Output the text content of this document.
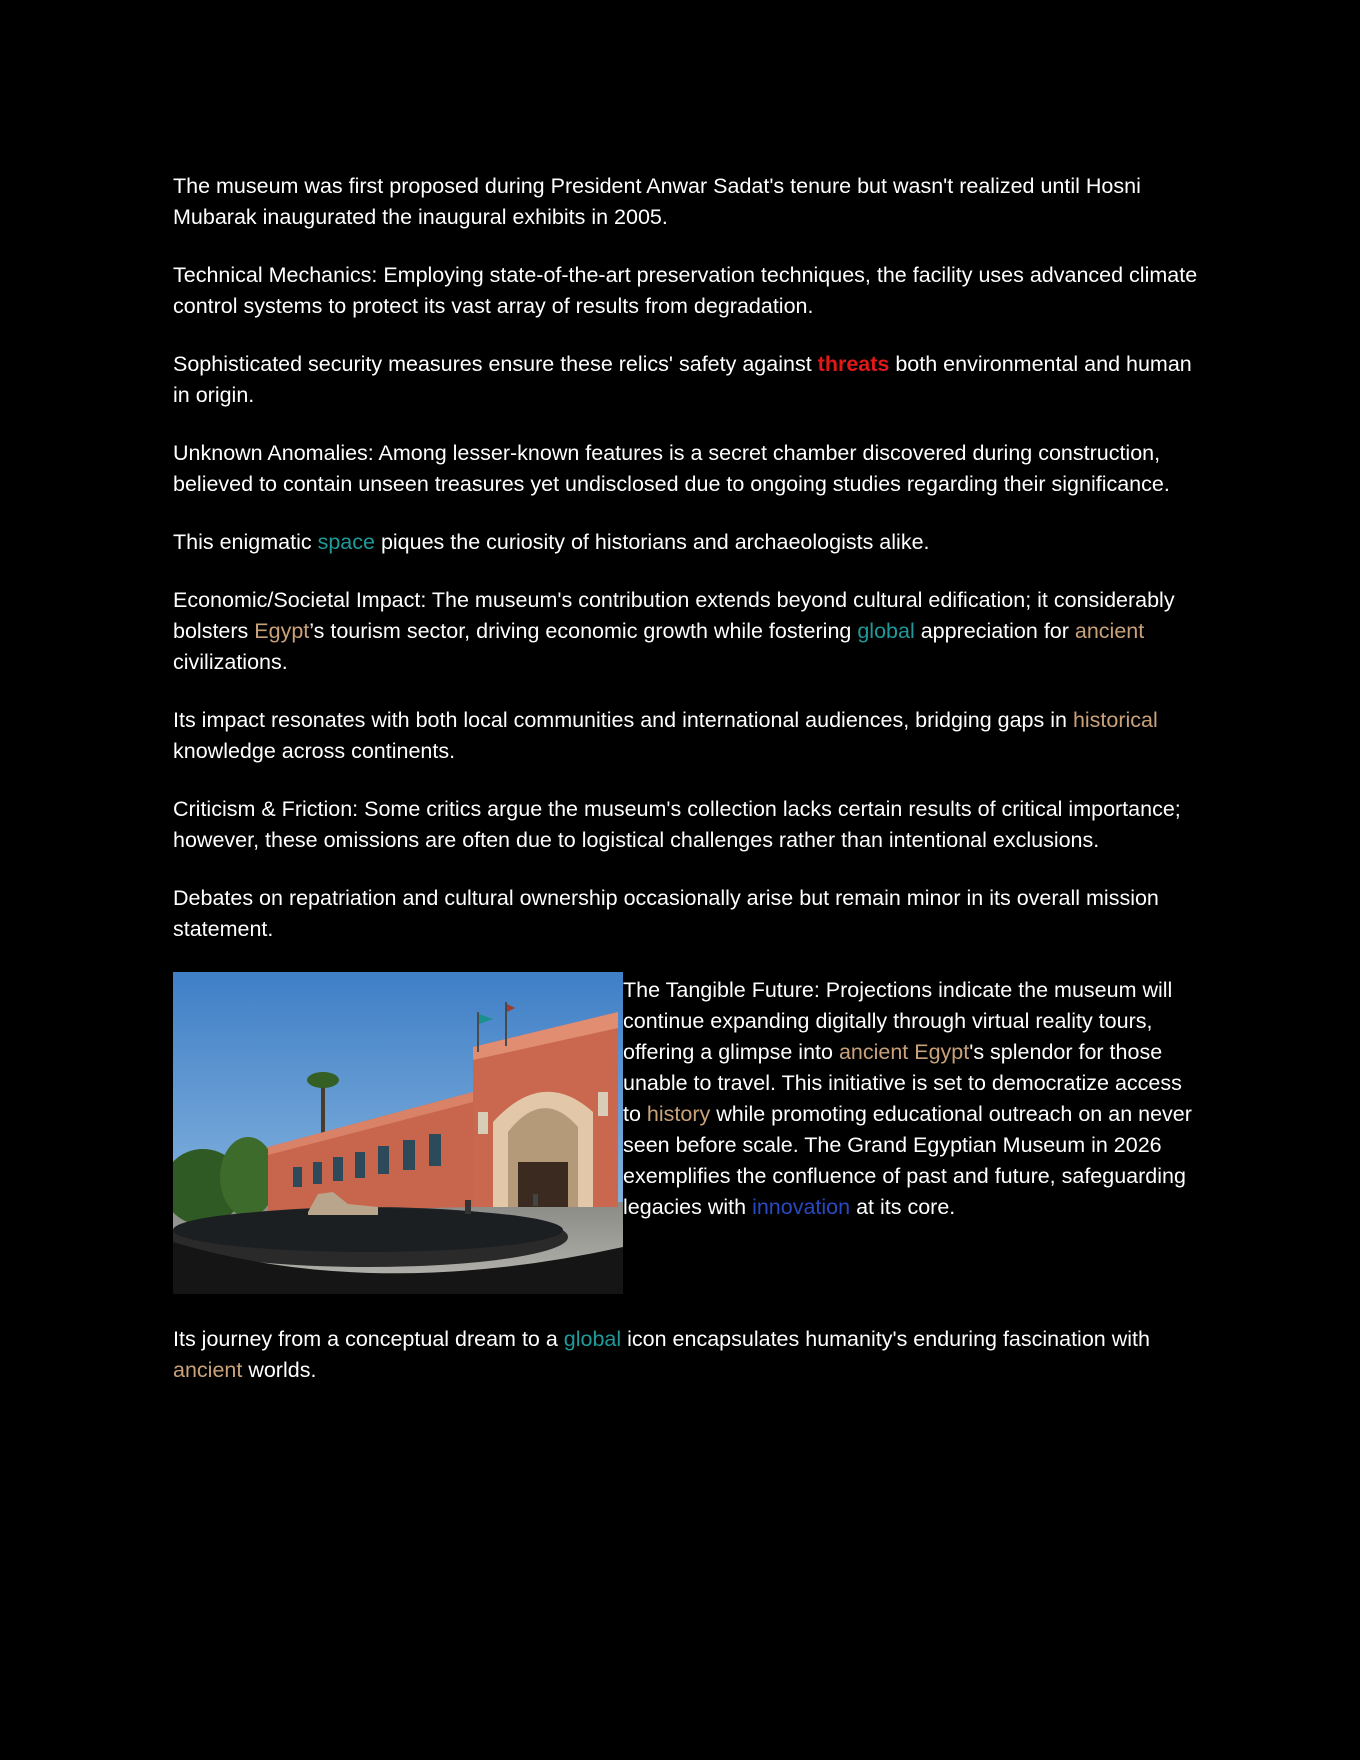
The museum was first proposed during President Anwar Sadat's tenure but wasn't realized until Hosni Mubarak inaugurated the inaugural exhibits in 2005.

Technical Mechanics: Employing state-of-the-art preservation techniques, the facility uses advanced climate control systems to protect its vast array of results from degradation.

Sophisticated security measures ensure these relics' safety against threats both environmental and human in origin.

Unknown Anomalies: Among lesser-known features is a secret chamber discovered during construction, believed to contain unseen treasures yet undisclosed due to ongoing studies regarding their significance.

This enigmatic space piques the curiosity of historians and archaeologists alike.

Economic/Societal Impact: The museum's contribution extends beyond cultural edification; it considerably bolsters Egypt’s tourism sector, driving economic growth while fostering global appreciation for ancient civilizations.

Its impact resonates with both local communities and international audiences, bridging gaps in historical knowledge across continents.

Criticism & Friction: Some critics argue the museum's collection lacks certain results of critical importance; however, these omissions are often due to logistical challenges rather than intentional exclusions.

Debates on repatriation and cultural ownership occasionally arise but remain minor in its overall mission statement.

The Tangible Future: Projections indicate the museum will continue expanding digitally through virtual reality tours, offering a glimpse into ancient Egypt's splendor for those unable to travel. This initiative is set to democratize access to history while promoting educational outreach on an never seen before scale. The Grand Egyptian Museum in 2026 exemplifies the confluence of past and future, safeguarding legacies with innovation at its core.

Its journey from a conceptual dream to a global icon encapsulates humanity's enduring fascination with ancient worlds.
